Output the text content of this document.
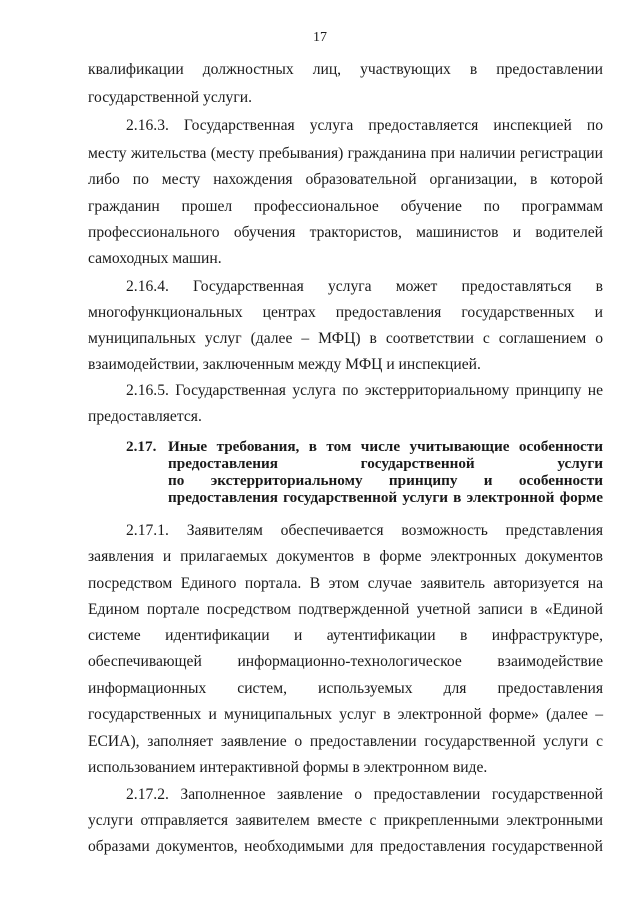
17
квалификации должностных лиц, участвующих в предоставлении
государственной услуги.
2.16.3. Государственная услуга предоставляется инспекцией по
месту жительства (месту пребывания) гражданина при наличии регистрации
либо по месту нахождения образовательной организации, в которой
гражданин прошел профессиональное обучение по программам
профессионального обучения трактористов, машинистов и водителей
самоходных машин.
2.16.4. Государственная услуга может предоставляться в
многофункциональных центрах предоставления государственных и
муниципальных услуг (далее – МФЦ) в соответствии с соглашением о
взаимодействии, заключенным между МФЦ и инспекцией.
2.16.5. Государственная услуга по экстерриториальному принципу не
предоставляется.
2.17. Иные требования, в том числе учитывающие особенности
предоставления государственной услуги
по экстерриториальному принципу и особенности
предоставления государственной услуги в электронной форме
2.17.1. Заявителям обеспечивается возможность представления
заявления и прилагаемых документов в форме электронных документов
посредством Единого портала. В этом случае заявитель авторизуется на
Едином портале посредством подтвержденной учетной записи в «Единой
системе идентификации и аутентификации в инфраструктуре,
обеспечивающей информационно-технологическое взаимодействие
информационных систем, используемых для предоставления
государственных и муниципальных услуг в электронной форме» (далее –
ЕСИА), заполняет заявление о предоставлении государственной услуги с
использованием интерактивной формы в электронном виде.
2.17.2. Заполненное заявление о предоставлении государственной
услуги отправляется заявителем вместе с прикрепленными электронными
образами документов, необходимыми для предоставления государственной
